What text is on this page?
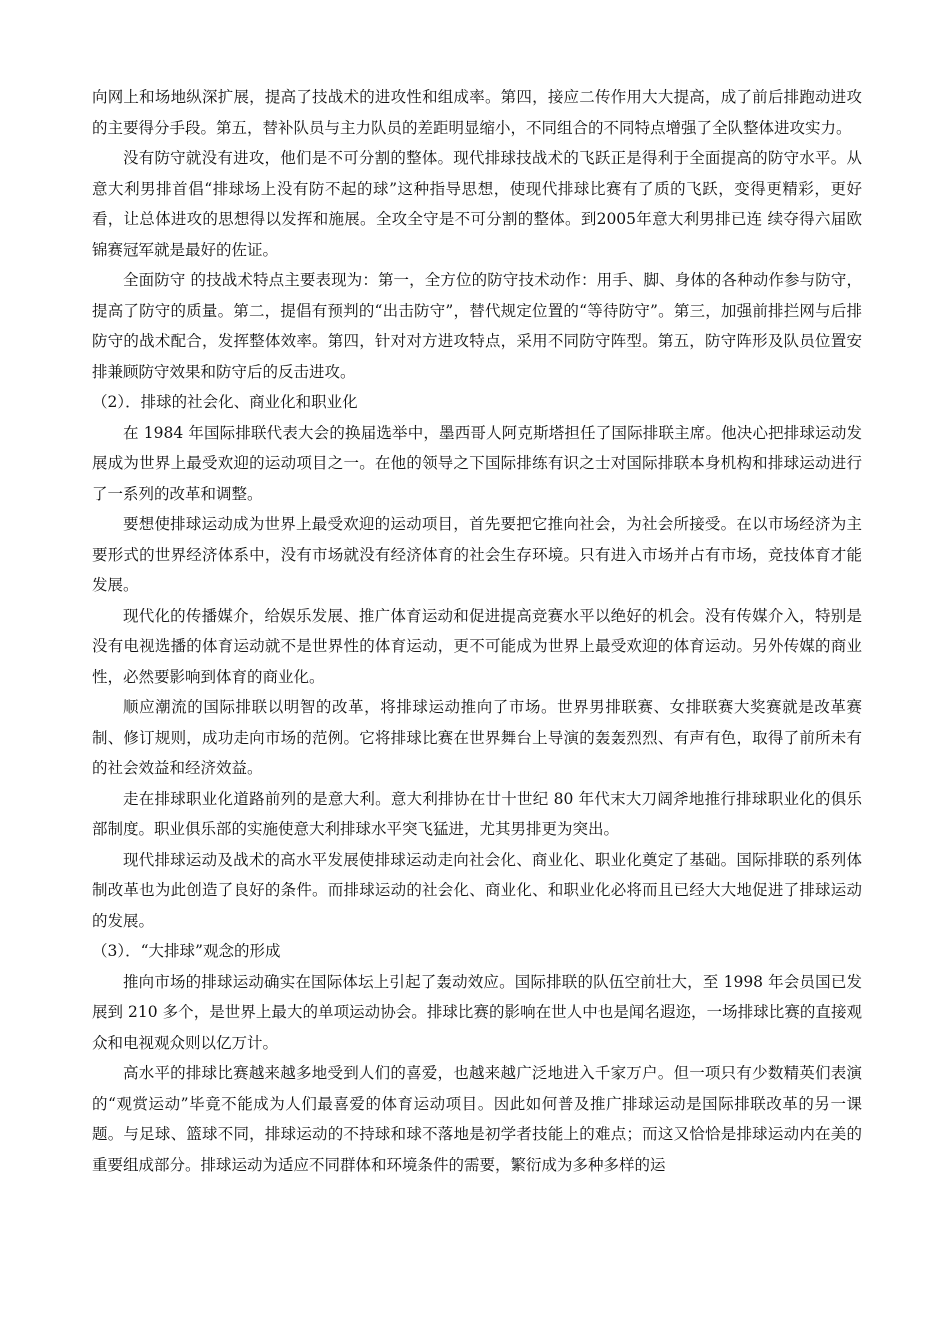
向网上和场地纵深扩展，提高了技战术的进攻性和组成率。第四，接应二传作用大大提高，成了前后排跑动进攻的主要得分手段。第五，替补队员与主力队员的差距明显缩小，不同组合的不同特点增强了全队整体进攻实力。

没有防守就没有进攻，他们是不可分割的整体。现代排球技战术的飞跃正是得利于全面提高的防守水平。从意大利男排首倡“排球场上没有防不起的球”这种指导思想，使现代排球比赛有了质的飞跃，变得更精彩，更好看，让总体进攻的思想得以发挥和施展。全攻全守是不可分割的整体。到2005年意大利男排已连 续夺得六届欧锦赛冠军就是最好的佐证。

全面防守 的技战术特点主要表现为：第一，全方位的防守技术动作：用手、脚、身体的各种动作参与防守，提高了防守的质量。第二，提倡有预判的“出击防守”，替代规定位置的“等待防守”。第三，加强前排拦网与后排防守的战术配合，发挥整体效率。第四，针对对方进攻特点，采用不同防守阵型。第五，防守阵形及队员位置安排兼顾防守效果和防守后的反击进攻。

（2）．排球的社会化、商业化和职业化

在 1984 年国际排联代表大会的换届选举中，墨西哥人阿克斯塔担任了国际排联主席。他决心把排球运动发展成为世界上最受欢迎的运动项目之一。在他的领导之下国际排练有识之士对国际排联本身机构和排球运动进行了一系列的改革和调整。

要想使排球运动成为世界上最受欢迎的运动项目，首先要把它推向社会，为社会所接受。在以市场经济为主要形式的世界经济体系中，没有市场就没有经济体育的社会生存环境。只有进入市场并占有市场，竞技体育才能发展。

现代化的传播媒介，给娱乐发展、推广体育运动和促进提高竞赛水平以绝好的机会。没有传媒介入，特别是没有电视选播的体育运动就不是世界性的体育运动，更不可能成为世界上最受欢迎的体育运动。另外传媒的商业性，必然要影响到体育的商业化。

顺应潮流的国际排联以明智的改革，将排球运动推向了市场。世界男排联赛、女排联赛大奖赛就是改革赛制、修订规则，成功走向市场的范例。它将排球比赛在世界舞台上导演的轰轰烈烈、有声有色，取得了前所未有的社会效益和经济效益。

走在排球职业化道路前列的是意大利。意大利排协在廿十世纪 80 年代末大刀阔斧地推行排球职业化的俱乐部制度。职业俱乐部的实施使意大利排球水平突飞猛进，尤其男排更为突出。

现代排球运动及战术的高水平发展使排球运动走向社会化、商业化、职业化奠定了基础。国际排联的系列体制改革也为此创造了良好的条件。而排球运动的社会化、商业化、和职业化必将而且已经大大地促进了排球运动的发展。

（3）．“大排球”观念的形成

推向市场的排球运动确实在国际体坛上引起了轰动效应。国际排联的队伍空前壮大，至 1998 年会员国已发展到 210 多个，是世界上最大的单项运动协会。排球比赛的影响在世人中也是闻名遐迩，一场排球比赛的直接观众和电视观众则以亿万计。

高水平的排球比赛越来越多地受到人们的喜爱，也越来越广泛地进入千家万户。但一项只有少数精英们表演的“观赏运动”毕竟不能成为人们最喜爱的体育运动项目。因此如何普及推广排球运动是国际排联改革的另一课题。与足球、篮球不同，排球运动的不持球和球不落地是初学者技能上的难点；而这又恰恰是排球运动内在美的重要组成部分。排球运动为适应不同群体和环境条件的需要，繁衍成为多种多样的运
